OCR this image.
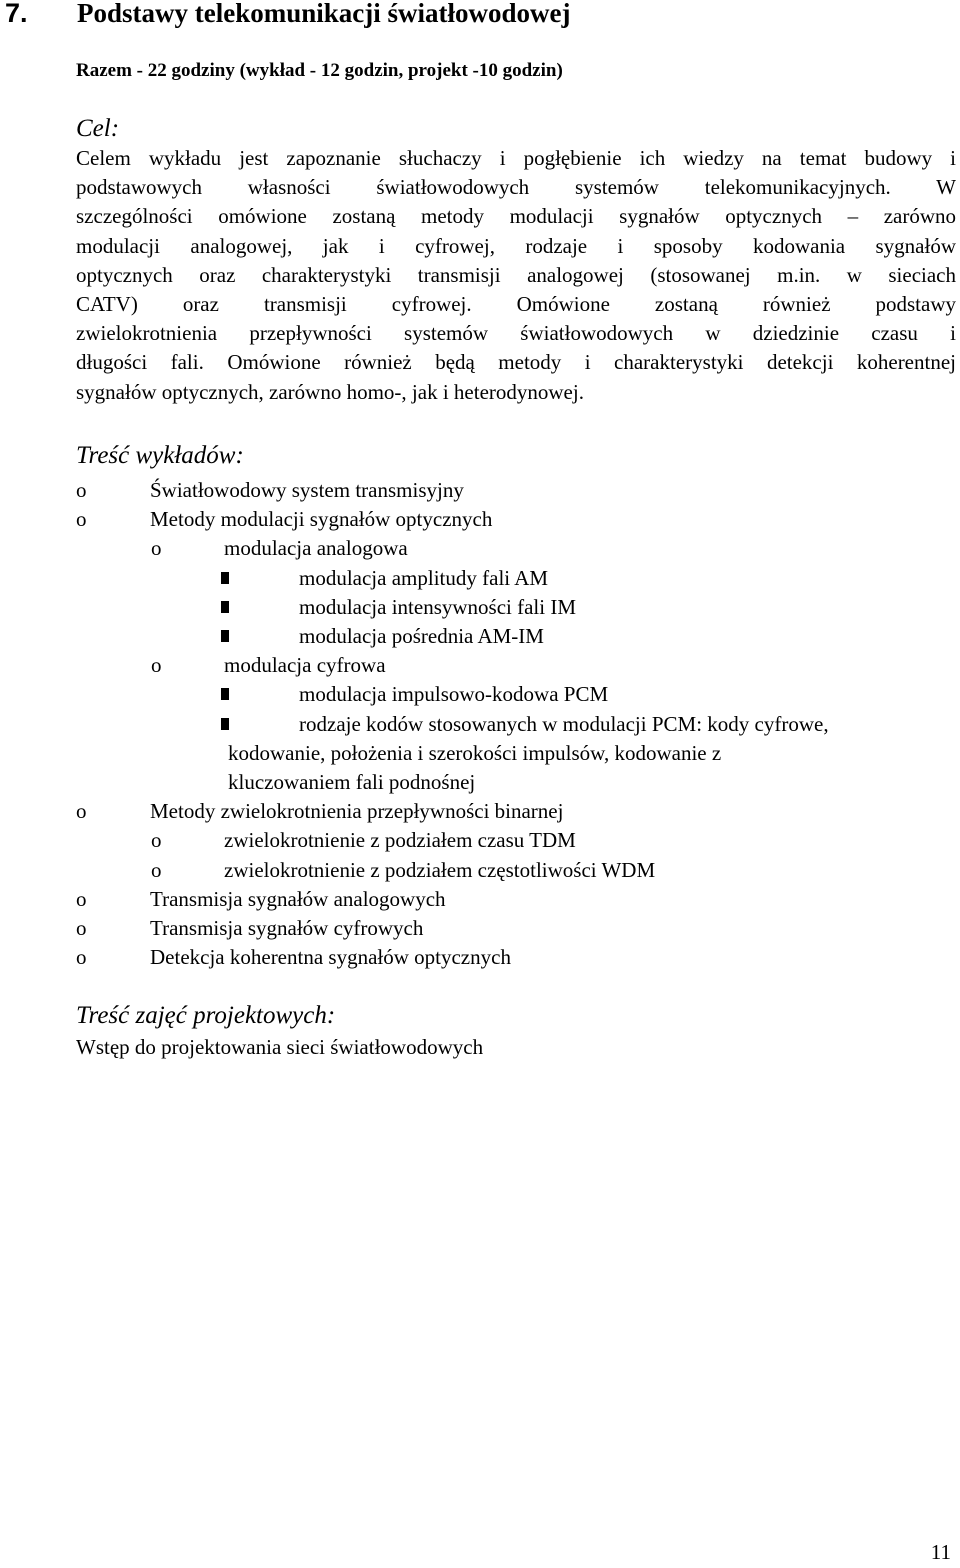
7. Podstawy telekomunikacji światłowodowej
Razem - 22 godziny (wykład - 12 godzin, projekt -10 godzin)
Cel:
Celem wykładu jest zapoznanie słuchaczy i pogłębienie ich wiedzy na temat budowy i
podstawowych własności światłowodowych systemów telekomunikacyjnych. W
szczególności omówione zostaną metody modulacji sygnałów optycznych – zarówno
modulacji analogowej, jak i cyfrowej, rodzaje i sposoby kodowania sygnałów
optycznych oraz charakterystyki transmisji analogowej (stosowanej m.in. w sieciach
CATV) oraz transmisji cyfrowej. Omówione zostaną również podstawy
zwielokrotnienia przepływności systemów światłowodowych w dziedzinie czasu i
długości fali. Omówione również będą metody i charakterystyki detekcji koherentnej
sygnałów optycznych, zarówno homo-, jak i heterodynowej.
Treść wykładów:
o	Światłowodowy system transmisyjny
o	Metody modulacji sygnałów optycznych
o	modulacja analogowa
modulacja amplitudy fali AM
modulacja intensywności fali IM
modulacja pośrednia AM-IM
o	modulacja cyfrowa
modulacja impulsowo-kodowa PCM
rodzaje kodów stosowanych w modulacji PCM: kody cyfrowe,
kodowanie, położenia i szerokości impulsów, kodowanie z
kluczowaniem fali podnośnej
o	Metody zwielokrotnienia przepływności binarnej
o	zwielokrotnienie z podziałem czasu TDM
o	zwielokrotnienie z podziałem częstotliwości WDM
o	Transmisja sygnałów analogowych
o	Transmisja sygnałów cyfrowych
o	Detekcja koherentna sygnałów optycznych
Treść zajęć projektowych:
Wstęp do projektowania sieci światłowodowych
11
